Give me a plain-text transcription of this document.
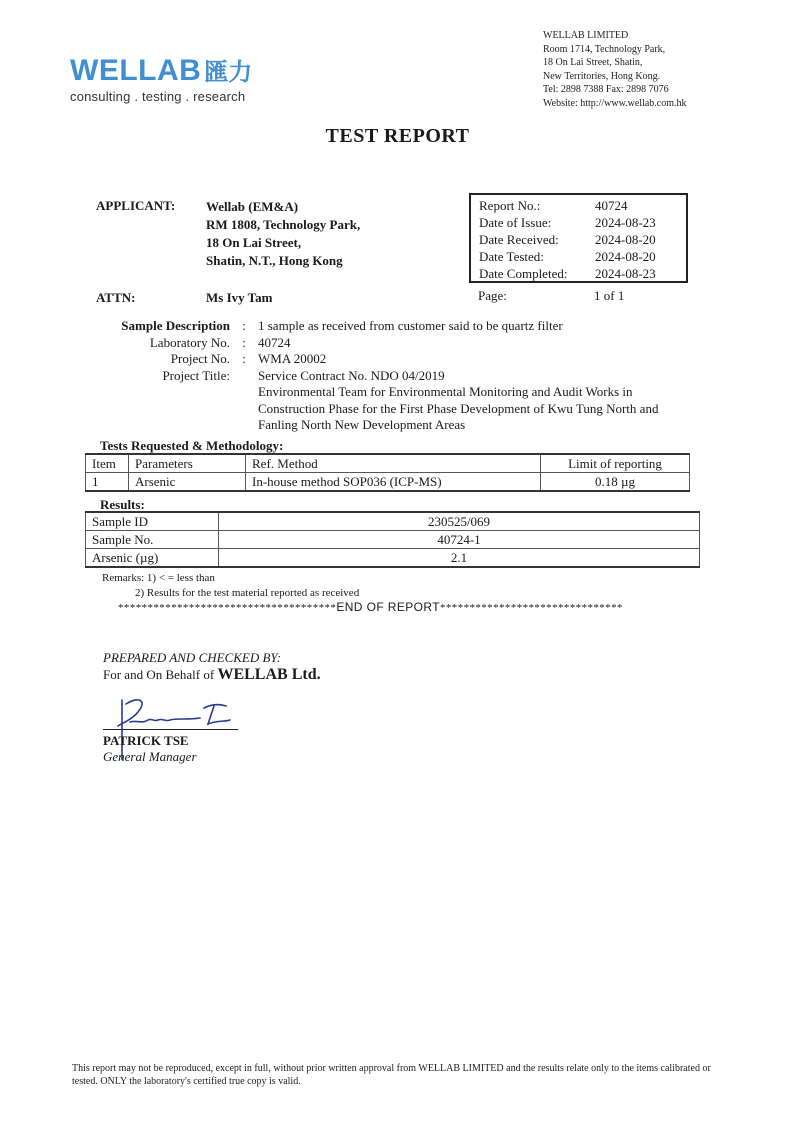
WELLAB 匯力
consulting . testing . research
WELLAB LIMITED
Room 1714, Technology Park,
18 On Lai Street, Shatin,
New Territories, Hong Kong.
Tel: 2898 7388 Fax: 2898 7076
Website: http://www.wellab.com.hk
TEST REPORT
APPLICANT: Wellab (EM&A)
RM 1808, Technology Park,
18 On Lai Street,
Shatin, N.T., Hong Kong
ATTN:	Ms Ivy Tam
Report No.:	40724
Date of Issue:	2024-08-23
Date Received:	2024-08-20
Date Tested:	2024-08-20
Date Completed:	2024-08-23
Page:	1 of 1
Sample Description : 1 sample as received from customer said to be quartz filter
Laboratory No. : 40724
Project No. : WMA 20002
Project Title: Service Contract No. NDO 04/2019
Environmental Team for Environmental Monitoring and Audit Works in Construction Phase for the First Phase Development of Kwu Tung North and Fanling North New Development Areas
Tests Requested & Methodology:
Item	Parameters	Ref. Method	Limit of reporting
1	Arsenic	In-house method SOP036 (ICP-MS)	0.18 µg
Results:
Sample ID	230525/069
Sample No.	40724-1
Arsenic (µg)	2.1
Remarks: 1) < = less than
2) Results for the test material reported as received
*************************************END OF REPORT*******************************
PREPARED AND CHECKED BY:
For and On Behalf of WELLAB Ltd.
PATRICK TSE
General Manager
This report may not be reproduced, except in full, without prior written approval from WELLAB LIMITED and the results relate only to the items calibrated or tested. ONLY the laboratory's certified true copy is valid.
